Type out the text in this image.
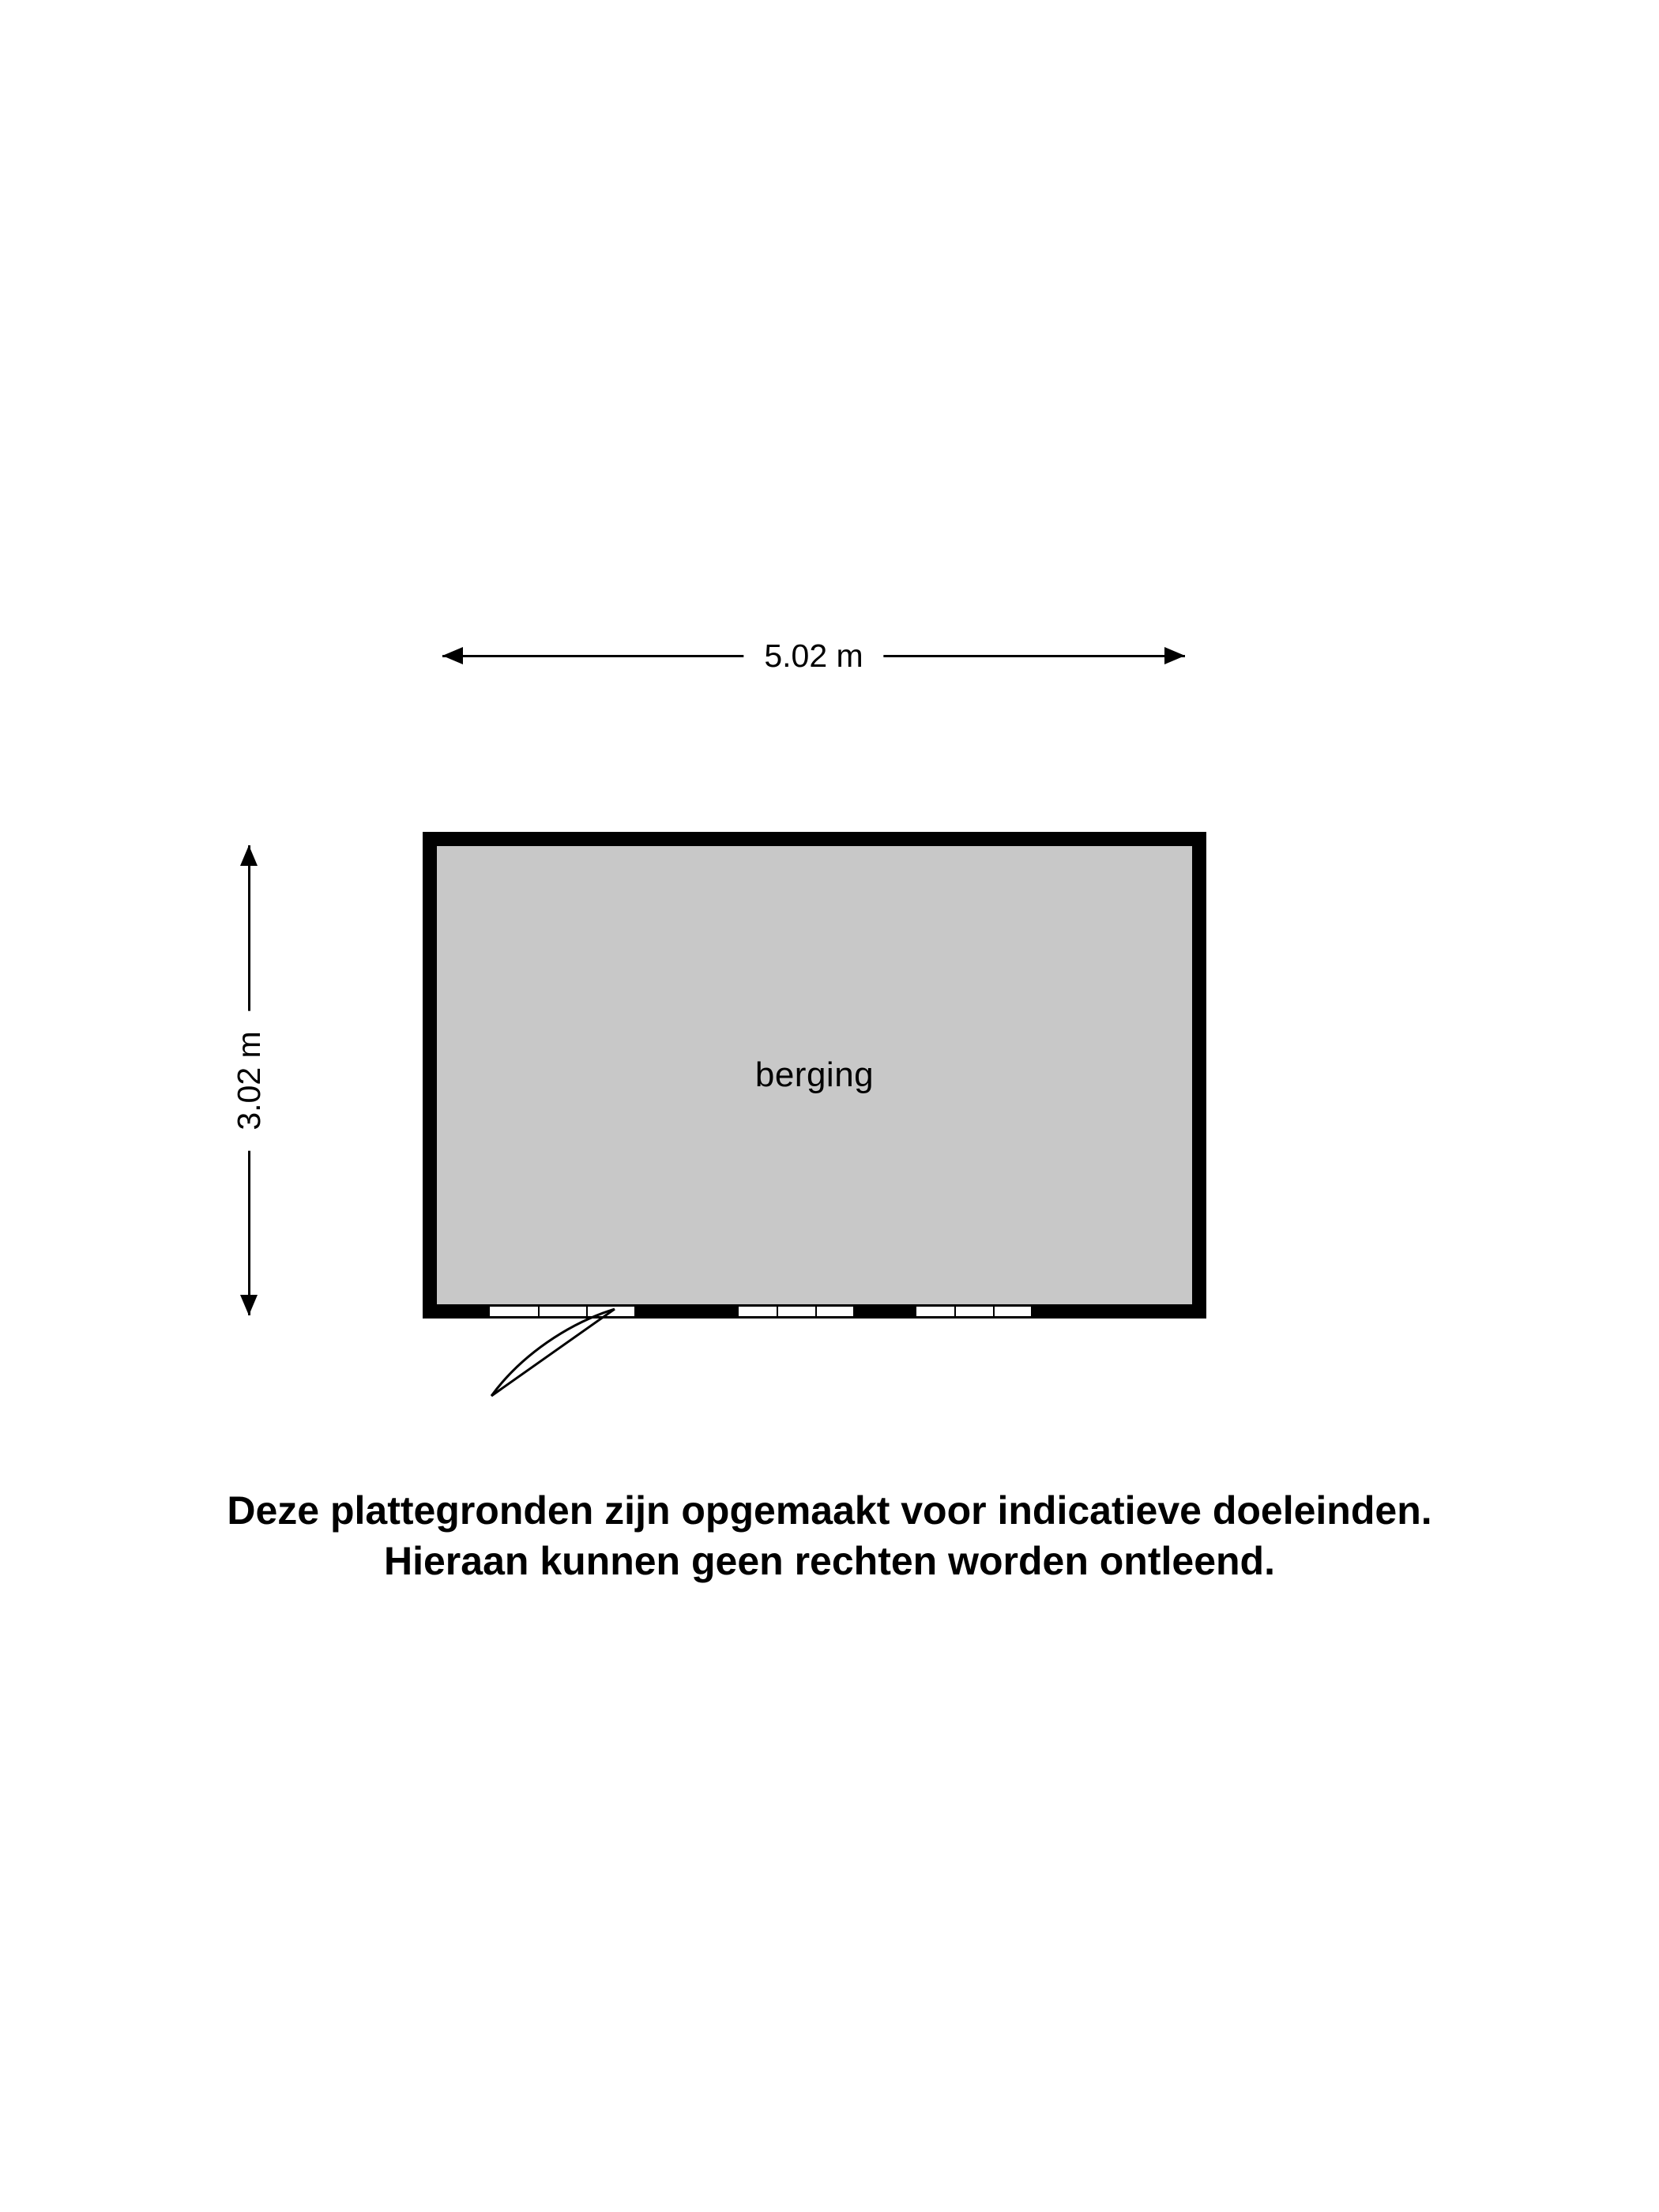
5.02 m
3.02 m	berging
Deze plattegronden zijn opgemaakt voor indicatieve doeleinden.
Hieraan kunnen geen rechten worden ontleend.
